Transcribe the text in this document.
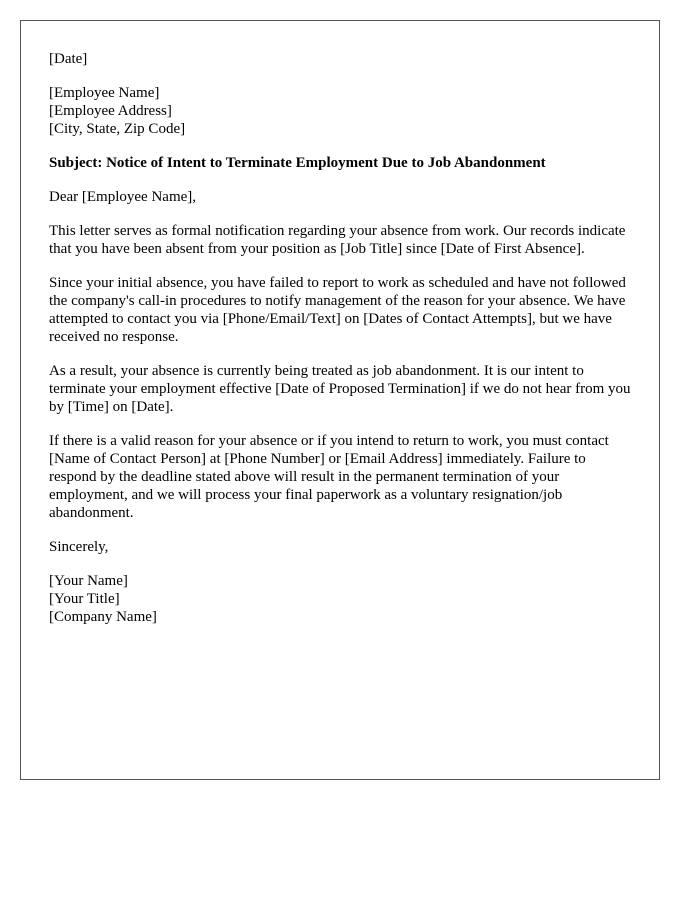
[Date]
[Employee Name]
[Employee Address]
[City, State, Zip Code]
Subject: Notice of Intent to Terminate Employment Due to Job Abandonment
Dear [Employee Name],

This letter serves as formal notification regarding your absence from work. Our records indicate that you have been absent from your position as [Job Title] since [Date of First Absence].

Since your initial absence, you have failed to report to work as scheduled and have not followed the company's call-in procedures to notify management of the reason for your absence. We have attempted to contact you via [Phone/Email/Text] on [Dates of Contact Attempts], but we have received no response.

As a result, your absence is currently being treated as job abandonment. It is our intent to terminate your employment effective [Date of Proposed Termination] if we do not hear from you by [Time] on [Date].

If there is a valid reason for your absence or if you intend to return to work, you must contact [Name of Contact Person] at [Phone Number] or [Email Address] immediately. Failure to respond by the deadline stated above will result in the permanent termination of your employment, and we will process your final paperwork as a voluntary resignation/job abandonment.

Sincerely,
[Your Name]
[Your Title]
[Company Name]
